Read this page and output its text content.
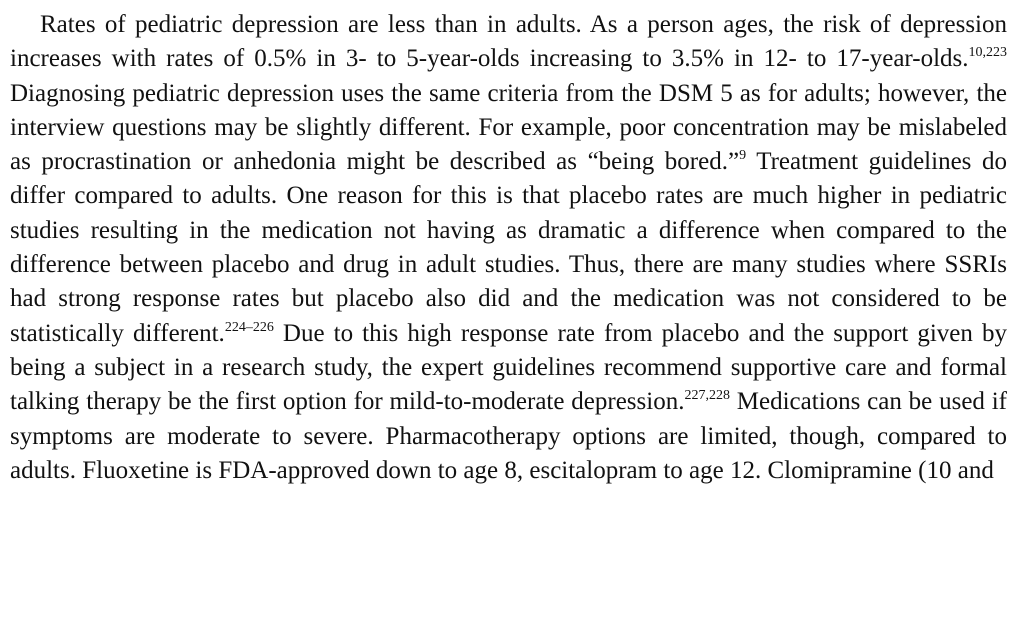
Rates of pediatric depression are less than in adults. As a person ages, the risk of depression increases with rates of 0.5% in 3- to 5-year-olds increasing to 3.5% in 12- to 17-year-olds.$^{10,223}$ Diagnosing pediatric depression uses the same criteria from the DSM 5 as for adults; however, the interview questions may be slightly different. For example, poor concentration may be mislabeled as procrastination or anhedonia might be described as “being bored.”$^9$ Treatment guidelines do differ compared to adults. One reason for this is that placebo rates are much higher in pediatric studies resulting in the medication not having as dramatic a difference when compared to the difference between placebo and drug in adult studies. Thus, there are many studies where SSRIs had strong response rates but placebo also did and the medication was not considered to be statistically different.$^{224-226}$ Due to this high response rate from placebo and the support given by being a subject in a research study, the expert guidelines recommend supportive care and formal talking therapy be the first option for mild-to-moderate depression.$^{227,228}$ Medications can be used if symptoms are moderate to severe. Pharmacotherapy options are limited, though, compared to adults. Fluoxetine is FDA-approved down to age 8, escitalopram to age 12. Clomipramine (10 and
